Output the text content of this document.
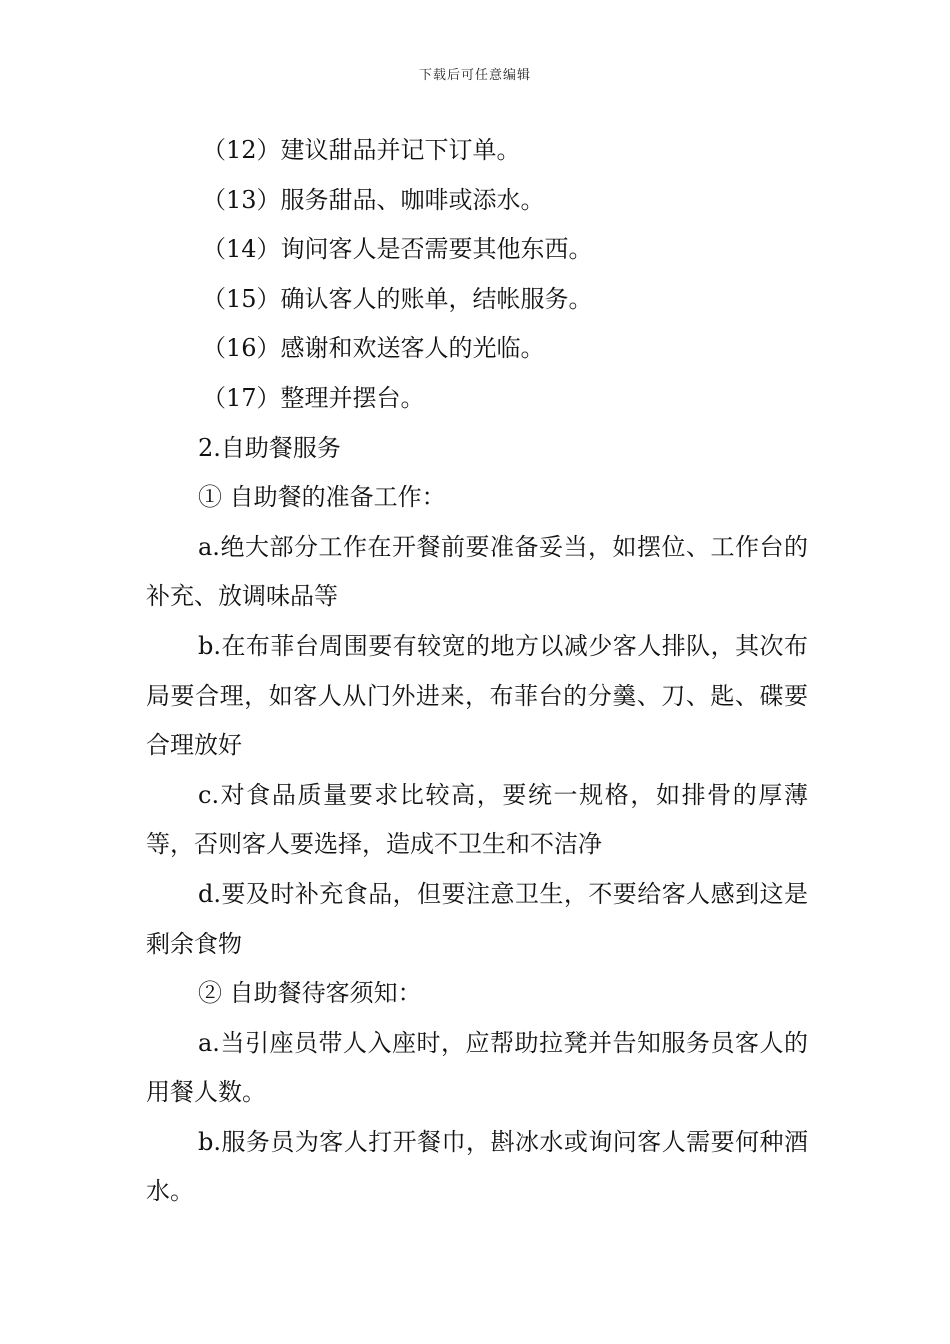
下载后可任意编辑

（12）建议甜品并记下订单。

（13）服务甜品、咖啡或添水。

（14）询问客人是否需要其他东西。

（15）确认客人的账单，结帐服务。

（16）感谢和欢送客人的光临。

（17）整理并摆台。

2.自助餐服务

① 自助餐的准备工作：

a.绝大部分工作在开餐前要准备妥当，如摆位、工作台的补充、放调味品等

b.在布菲台周围要有较宽的地方以减少客人排队，其次布局要合理，如客人从门外进来，布菲台的分羹、刀、匙、碟要合理放好

c.对食品质量要求比较高，要统一规格，如排骨的厚薄等，否则客人要选择，造成不卫生和不洁净

d.要及时补充食品，但要注意卫生，不要给客人感到这是剩余食物

② 自助餐待客须知：

a.当引座员带人入座时，应帮助拉凳并告知服务员客人的用餐人数。

b.服务员为客人打开餐巾，斟冰水或询问客人需要何种酒水。
